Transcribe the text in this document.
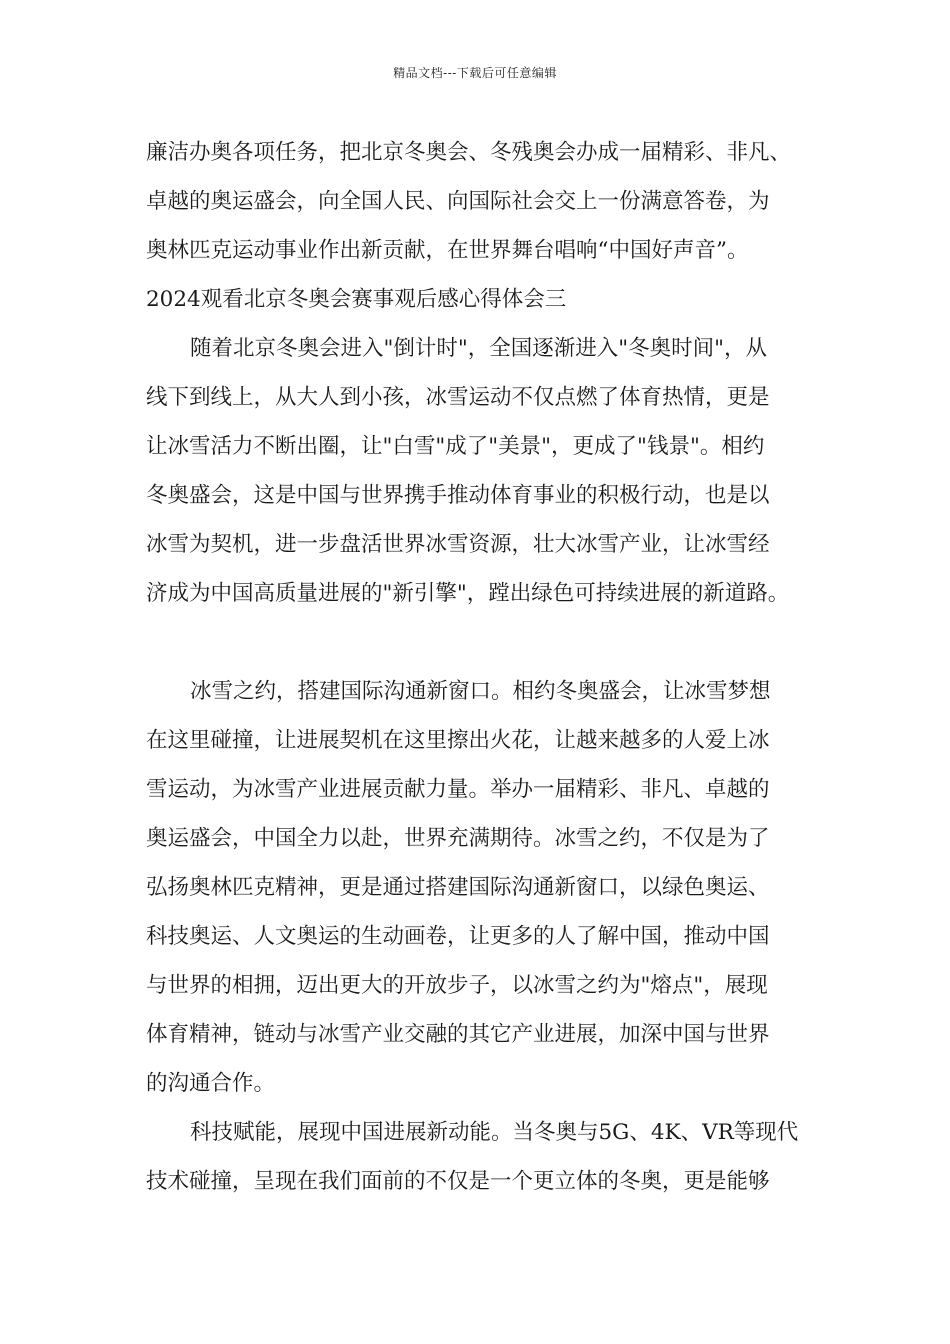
精品文档---下载后可任意编辑
廉洁办奥各项任务，把北京冬奥会、冬残奥会办成一届精彩、非凡、
卓越的奥运盛会，向全国人民、向国际社会交上一份满意答卷，为
奥林匹克运动事业作出新贡献，在世界舞台唱响“中国好声音”。
2024观看北京冬奥会赛事观后感心得体会三
随着北京冬奥会进入"倒计时"，全国逐渐进入"冬奥时间"，从
线下到线上，从大人到小孩，冰雪运动不仅点燃了体育热情，更是
让冰雪活力不断出圈，让"白雪"成了"美景"，更成了"钱景"。相约
冬奥盛会，这是中国与世界携手推动体育事业的积极行动，也是以
冰雪为契机，进一步盘活世界冰雪资源，壮大冰雪产业，让冰雪经
济成为中国高质量进展的"新引擎"，蹚出绿色可持续进展的新道路。
冰雪之约，搭建国际沟通新窗口。相约冬奥盛会，让冰雪梦想
在这里碰撞，让进展契机在这里擦出火花，让越来越多的人爱上冰
雪运动，为冰雪产业进展贡献力量。举办一届精彩、非凡、卓越的
奥运盛会，中国全力以赴，世界充满期待。冰雪之约，不仅是为了
弘扬奥林匹克精神，更是通过搭建国际沟通新窗口，以绿色奥运、
科技奥运、人文奥运的生动画卷，让更多的人了解中国，推动中国
与世界的相拥，迈出更大的开放步子，以冰雪之约为"熔点"，展现
体育精神，链动与冰雪产业交融的其它产业进展，加深中国与世界
的沟通合作。
科技赋能，展现中国进展新动能。当冬奥与5G、4K、VR等现代
技术碰撞，呈现在我们面前的不仅是一个更立体的冬奥，更是能够
